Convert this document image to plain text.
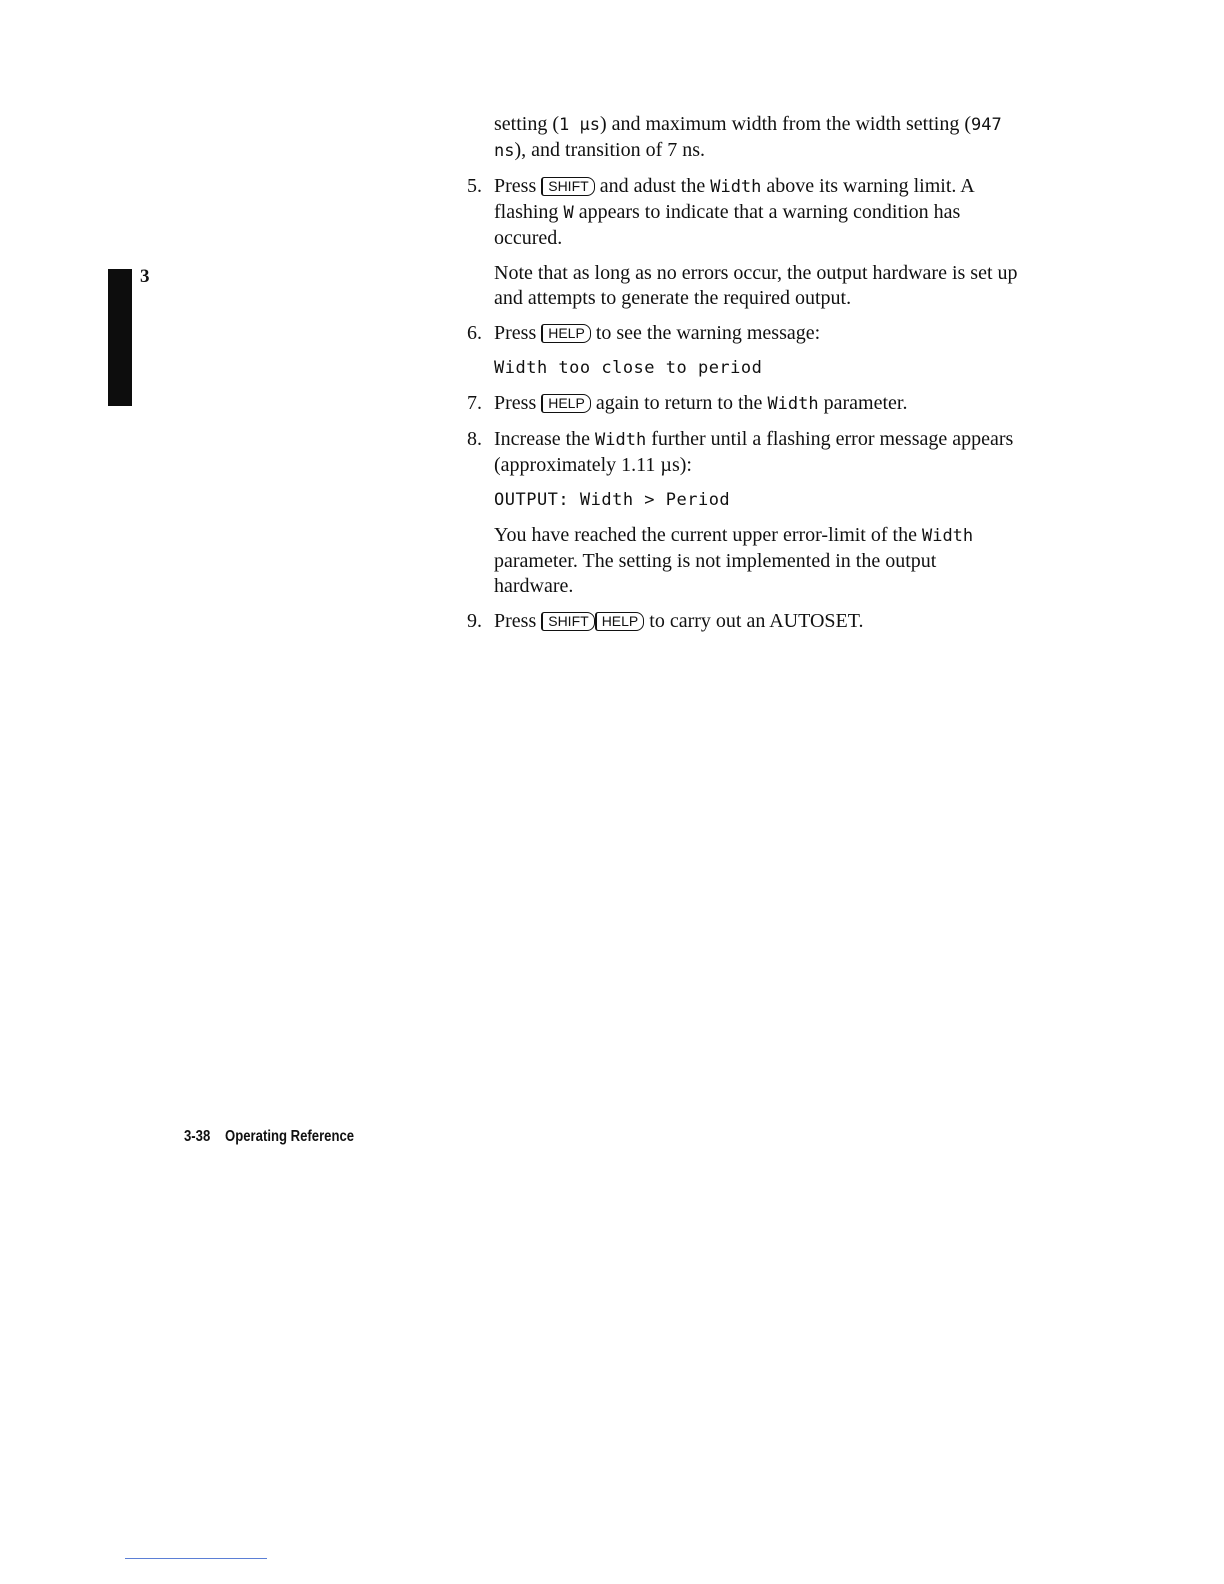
3

setting (1 µs) and maximum width from the width setting (947 ns), and transition of 7 ns.

5. Press SHIFT and adust the Width above its warning limit. A flashing W appears to indicate that a warning condition has occured.

Note that as long as no errors occur, the output hardware is set up and attempts to generate the required output.

6. Press HELP to see the warning message:
Width too close to period
7. Press HELP again to return to the Width parameter.
8. Increase the Width further until a flashing error message appears (approximately 1.11 µs):
OUTPUT: Width > Period

You have reached the current upper error-limit of the Width parameter. The setting is not implemented in the output hardware.

9. Press SHIFT HELP to carry out an AUTOSET.
3-38 Operating Reference
